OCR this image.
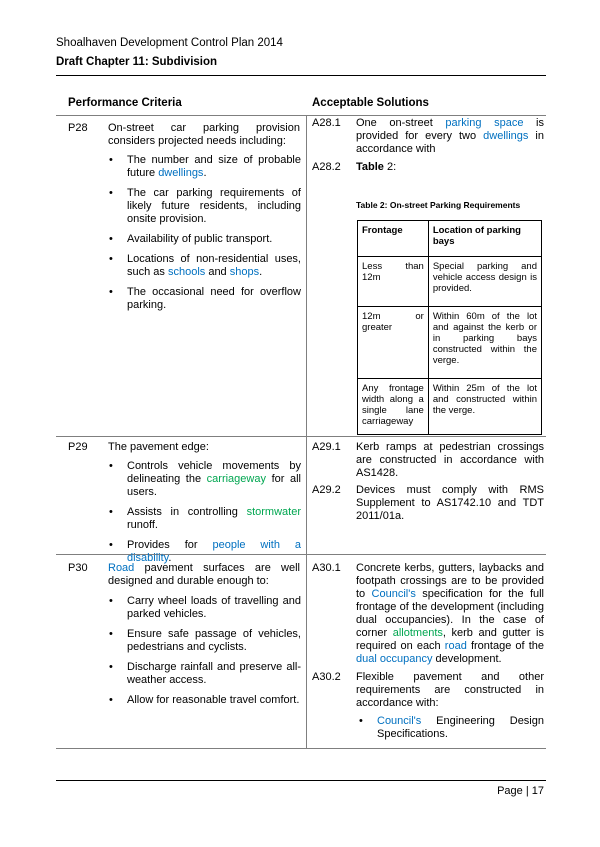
Shoalhaven Development Control Plan 2014
Draft Chapter 11: Subdivision
Performance Criteria	Acceptable Solutions
P28 On-street car parking provision considers projected needs including:
• The number and size of probable future dwellings.
• The car parking requirements of likely future residents, including onsite provision.
• Availability of public transport.
• Locations of non-residential uses, such as schools and shops.
• The occasional need for overflow parking.
A28.1 One on-street parking space is provided for every two dwellings in accordance with
A28.2 Table 2:
Table 2: On-street Parking Requirements
Frontage	Location of parking bays
Less than 12m	Special parking and vehicle access design is provided.
12m or greater	Within 60m of the lot and against the kerb or in parking bays constructed within the verge.
Any frontage width along a single lane carriageway	Within 25m of the lot and constructed within the verge.
P29 The pavement edge:
• Controls vehicle movements by delineating the carriageway for all users.
• Assists in controlling stormwater runoff.
• Provides for people with a disability.
A29.1 Kerb ramps at pedestrian crossings are constructed in accordance with AS1428.
A29.2 Devices must comply with RMS Supplement to AS1742.10 and TDT 2011/01a.
P30 Road pavement surfaces are well designed and durable enough to:
• Carry wheel loads of travelling and parked vehicles.
• Ensure safe passage of vehicles, pedestrians and cyclists.
• Discharge rainfall and preserve all-weather access.
• Allow for reasonable travel comfort.
A30.1 Concrete kerbs, gutters, laybacks and footpath crossings are to be provided to Council's specification for the full frontage of the development (including dual occupancies). In the case of corner allotments, kerb and gutter is required on each road frontage of the dual occupancy development.
A30.2 Flexible pavement and other requirements are constructed in accordance with:
• Council's Engineering Design Specifications.
Page | 17
